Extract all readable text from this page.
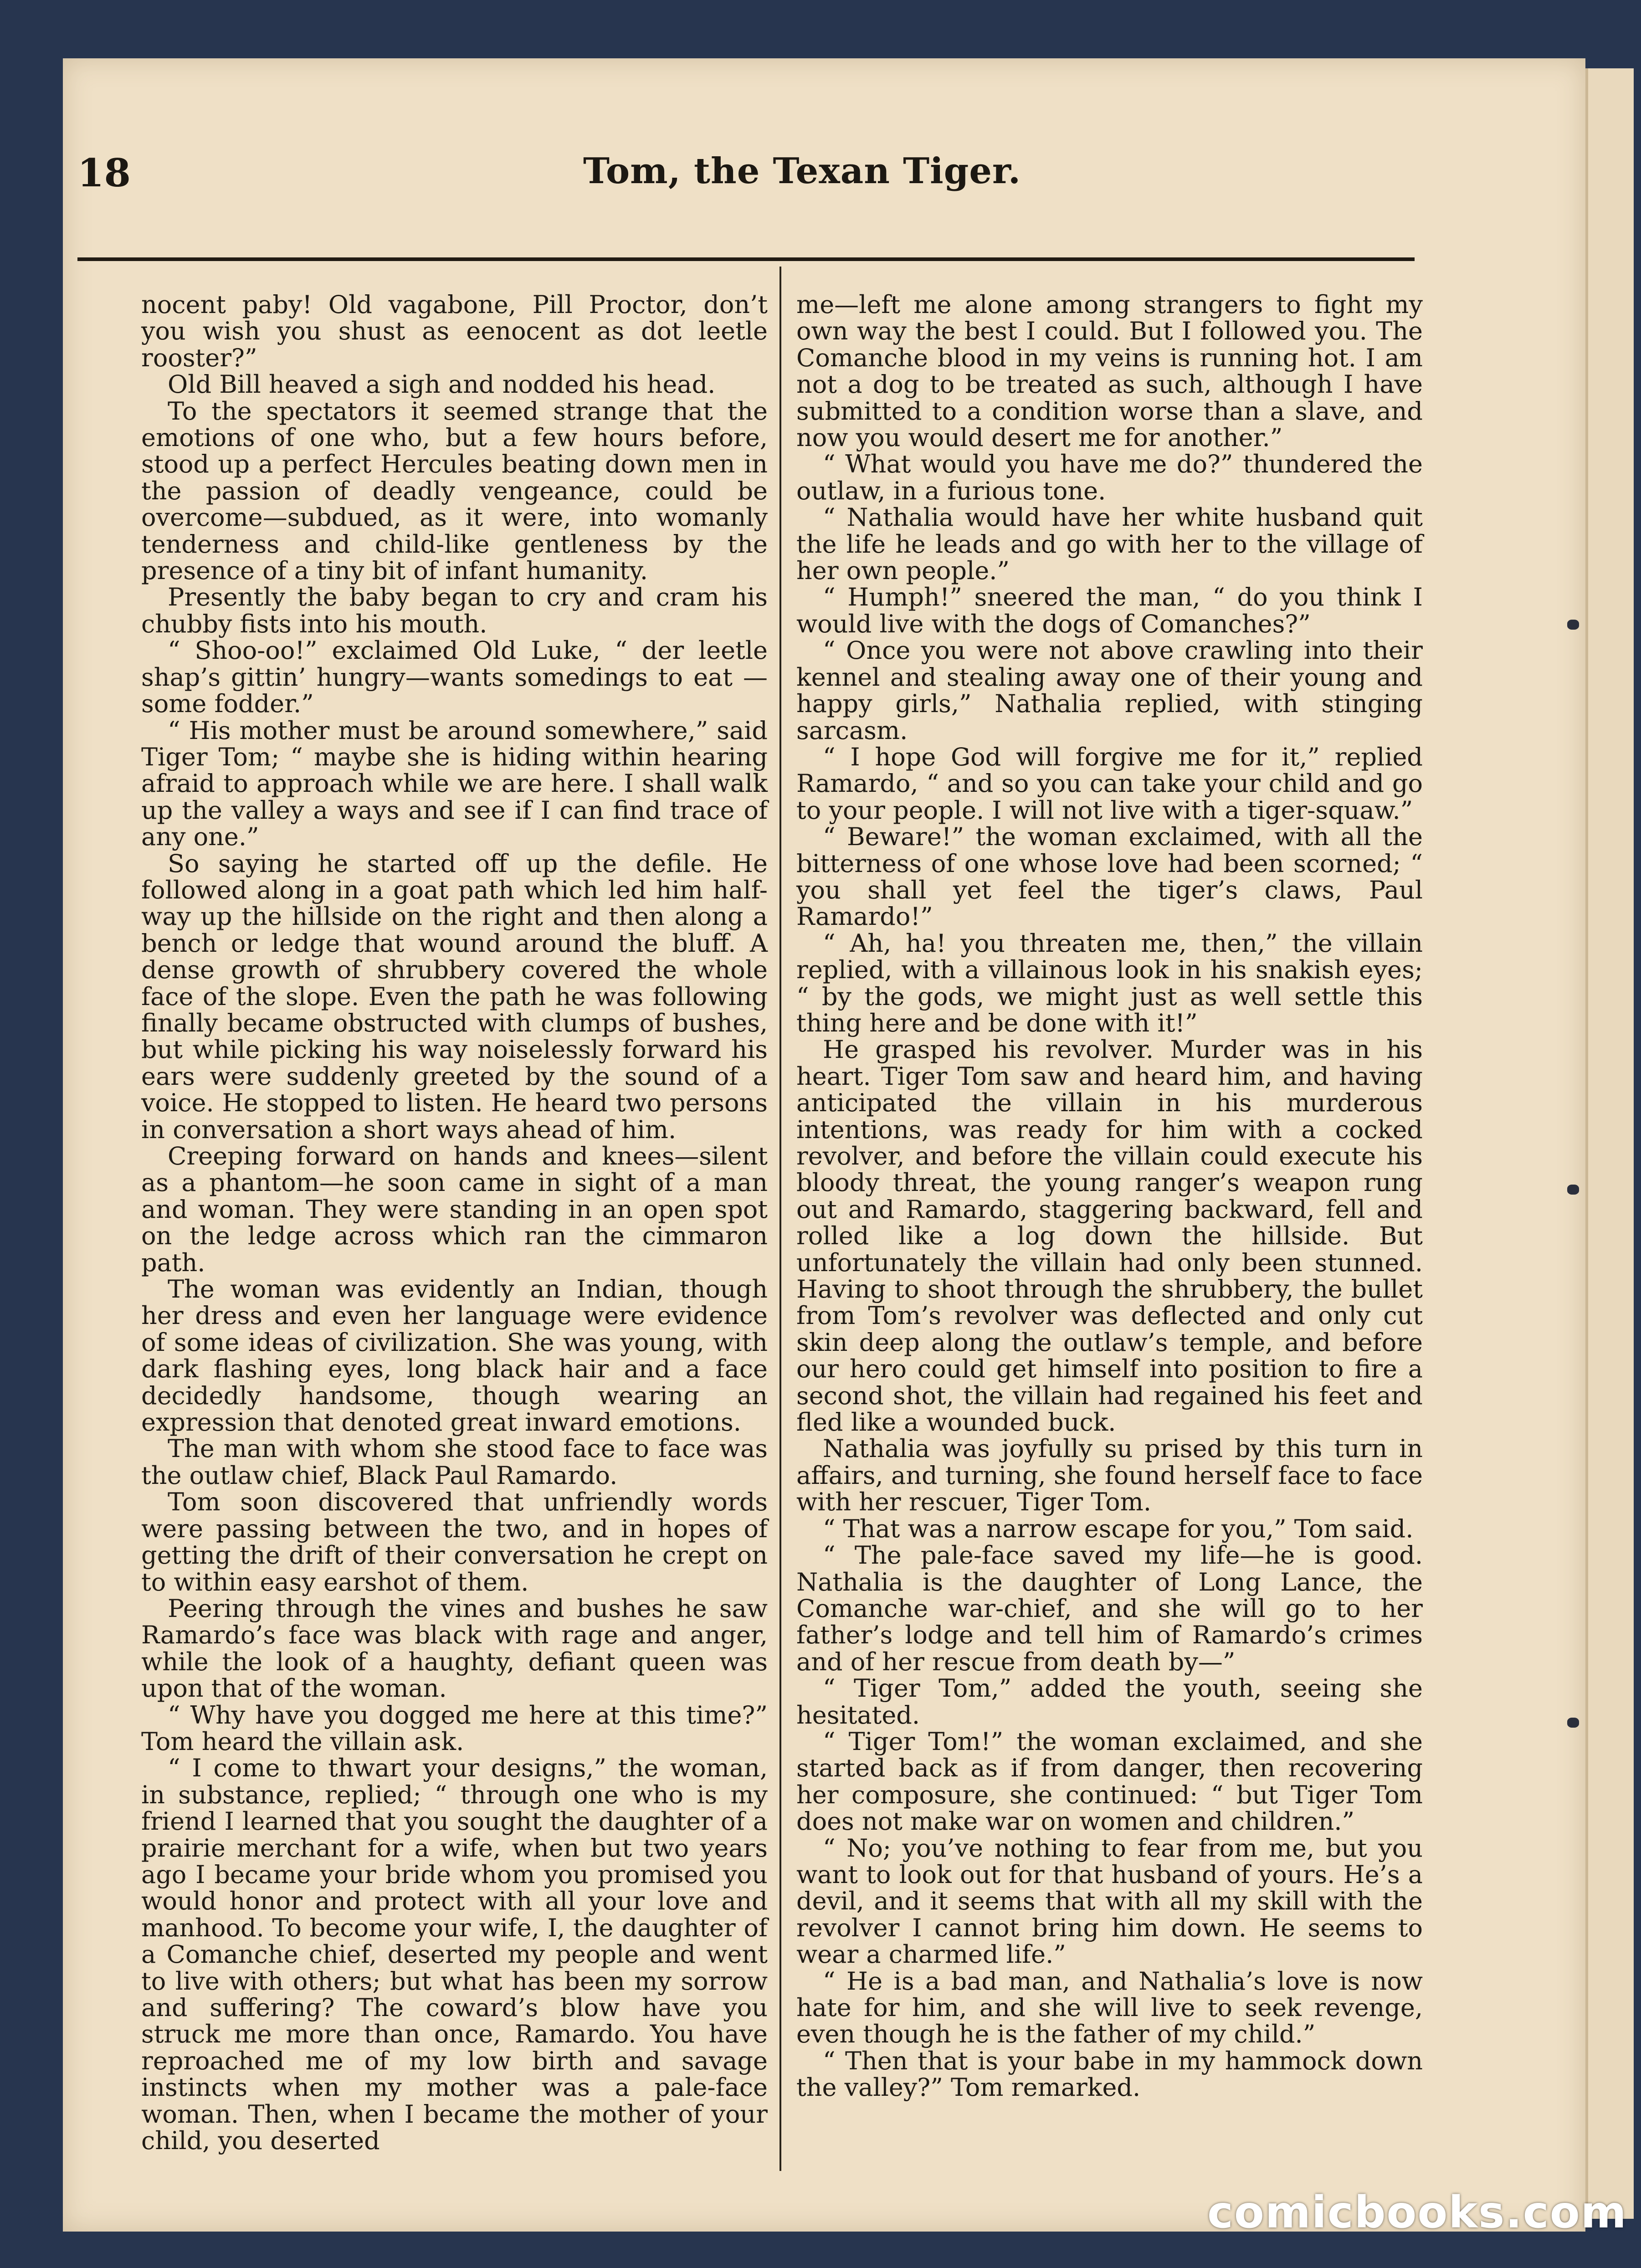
18	Tom, the Texan Tiger.

nocent paby! Old vagabone, Pill Proctor, don’t you wish you shust as eenocent as dot leetle rooster?”

Old Bill heaved a sigh and nodded his head.

To the spectators it seemed strange that the emotions of one who, but a few hours before, stood up a perfect Hercules beating down men in the passion of deadly vengeance, could be overcome—subdued, as it were, into womanly tenderness and child-like gentleness by the presence of a tiny bit of infant humanity.

Presently the baby began to cry and cram his chubby fists into his mouth.

“ Shoo-oo!” exclaimed Old Luke, “ der leetle shap’s gittin’ hungry—wants somedings to eat —some fodder.”

“ His mother must be around somewhere,” said Tiger Tom; “ maybe she is hiding within hearing afraid to approach while we are here. I shall walk up the valley a ways and see if I can find trace of any one.”

So saying he started off up the defile. He followed along in a goat path which led him half-way up the hillside on the right and then along a bench or ledge that wound around the bluff. A dense growth of shrubbery covered the whole face of the slope. Even the path he was following finally became obstructed with clumps of bushes, but while picking his way noiselessly forward his ears were suddenly greeted by the sound of a voice. He stopped to listen. He heard two persons in conversation a short ways ahead of him.

Creeping forward on hands and knees—silent as a phantom—he soon came in sight of a man and woman. They were standing in an open spot on the ledge across which ran the cimmaron path.

The woman was evidently an Indian, though her dress and even her language were evidence of some ideas of civilization. She was young, with dark flashing eyes, long black hair and a face decidedly handsome, though wearing an expression that denoted great inward emotions.

The man with whom she stood face to face was the outlaw chief, Black Paul Ramardo.

Tom soon discovered that unfriendly words were passing between the two, and in hopes of getting the drift of their conversation he crept on to within easy earshot of them.

Peering through the vines and bushes he saw Ramardo’s face was black with rage and anger, while the look of a haughty, defiant queen was upon that of the woman.

“ Why have you dogged me here at this time?” Tom heard the villain ask.

“ I come to thwart your designs,” the woman, in substance, replied; “ through one who is my friend I learned that you sought the daughter of a prairie merchant for a wife, when but two years ago I became your bride whom you promised you would honor and protect with all your love and manhood. To become your wife, I, the daughter of a Comanche chief, deserted my people and went to live with others; but what has been my sorrow and suffering? The coward’s blow have you struck me more than once, Ramardo. You have reproached me of my low birth and savage instincts when my mother was a pale-face woman. Then, when I became the mother of your child, you deserted

me—left me alone among strangers to fight my own way the best I could. But I followed you. The Comanche blood in my veins is running hot. I am not a dog to be treated as such, although I have submitted to a condition worse than a slave, and now you would desert me for another.”

“ What would you have me do?” thundered the outlaw, in a furious tone.

“ Nathalia would have her white husband quit the life he leads and go with her to the village of her own people.”

“ Humph!” sneered the man, “ do you think I would live with the dogs of Comanches?”

“ Once you were not above crawling into their kennel and stealing away one of their young and happy girls,” Nathalia replied, with stinging sarcasm.

“ I hope God will forgive me for it,” replied Ramardo, “ and so you can take your child and go to your people. I will not live with a tiger-squaw.”

“ Beware!” the woman exclaimed, with all the bitterness of one whose love had been scorned; “ you shall yet feel the tiger’s claws, Paul Ramardo!”

“ Ah, ha! you threaten me, then,” the villain replied, with a villainous look in his snakish eyes; “ by the gods, we might just as well settle this thing here and be done with it!”

He grasped his revolver. Murder was in his heart. Tiger Tom saw and heard him, and having anticipated the villain in his murderous intentions, was ready for him with a cocked revolver, and before the villain could execute his bloody threat, the young ranger’s weapon rung out and Ramardo, staggering backward, fell and rolled like a log down the hillside. But unfortunately the villain had only been stunned. Having to shoot through the shrubbery, the bullet from Tom’s revolver was deflected and only cut skin deep along the outlaw’s temple, and before our hero could get himself into position to fire a second shot, the villain had regained his feet and fled like a wounded buck.

Nathalia was joyfully su prised by this turn in affairs, and turning, she found herself face to face with her rescuer, Tiger Tom.

“ That was a narrow escape for you,” Tom said.

“ The pale-face saved my life—he is good. Nathalia is the daughter of Long Lance, the Comanche war-chief, and she will go to her father’s lodge and tell him of Ramardo’s crimes and of her rescue from death by—”

“ Tiger Tom,” added the youth, seeing she hesitated.

“ Tiger Tom!” the woman exclaimed, and she started back as if from danger, then recovering her composure, she continued: “ but Tiger Tom does not make war on women and children.”

“ No; you’ve nothing to fear from me, but you want to look out for that husband of yours. He’s a devil, and it seems that with all my skill with the revolver I cannot bring him down. He seems to wear a charmed life.”

“ He is a bad man, and Nathalia’s love is now hate for him, and she will live to seek revenge, even though he is the father of my child.”

“ Then that is your babe in my hammock down the valley?” Tom remarked.

comicbooks.com
